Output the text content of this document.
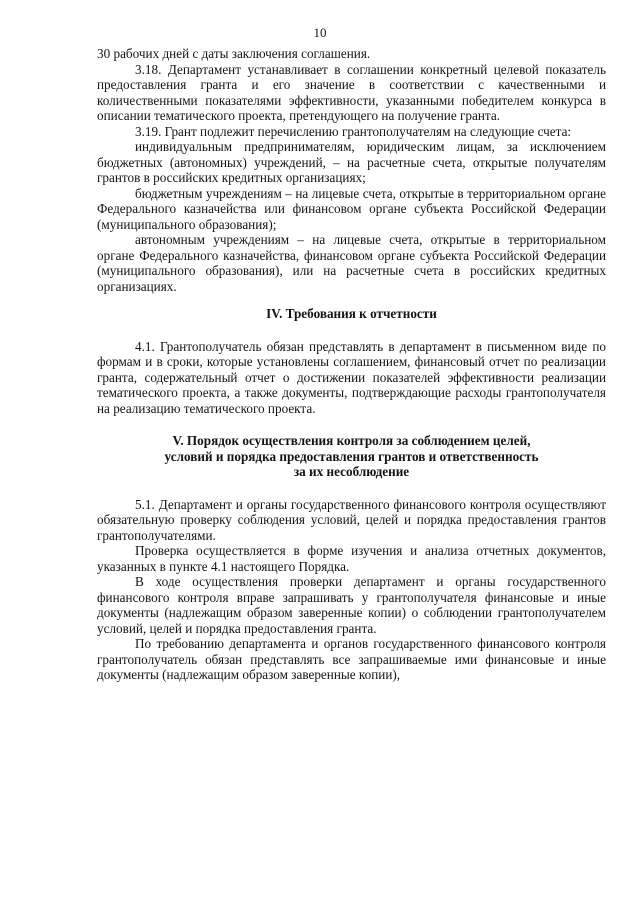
10

30 рабочих дней с даты заключения соглашения.

3.18. Департамент устанавливает в соглашении конкретный целевой показатель предоставления гранта и его значение в соответствии с качественными и количественными показателями эффективности, указанными победителем конкурса в описании тематического проекта, претендующего на получение гранта.

3.19. Грант подлежит перечислению грантополучателям на следующие счета:

индивидуальным предпринимателям, юридическим лицам, за исключением бюджетных (автономных) учреждений, – на расчетные счета, открытые получателям грантов в российских кредитных организациях;

бюджетным учреждениям – на лицевые счета, открытые в территориальном органе Федерального казначейства или финансовом органе субъекта Российской Федерации (муниципального образования);

автономным учреждениям – на лицевые счета, открытые в территориальном органе Федерального казначейства, финансовом органе субъекта Российской Федерации (муниципального образования), или на расчетные счета в российских кредитных организациях.

IV. Требования к отчетности

4.1. Грантополучатель обязан представлять в департамент в письменном виде по формам и в сроки, которые установлены соглашением, финансовый отчет по реализации гранта, содержательный отчет о достижении показателей эффективности реализации тематического проекта, а также документы, подтверждающие расходы грантополучателя на реализацию тематического проекта.

V. Порядок осуществления контроля за соблюдением целей,
условий и порядка предоставления грантов и ответственность
за их несоблюдение

5.1. Департамент и органы государственного финансового контроля осуществляют обязательную проверку соблюдения условий, целей и порядка предоставления грантов грантополучателями.

Проверка осуществляется в форме изучения и анализа отчетных документов, указанных в пункте 4.1 настоящего Порядка.

В ходе осуществления проверки департамент и органы государственного финансового контроля вправе запрашивать у грантополучателя финансовые и иные документы (надлежащим образом заверенные копии) о соблюдении грантополучателем условий, целей и порядка предоставления гранта.

По требованию департамента и органов государственного финансового контроля грантополучатель обязан представлять все запрашиваемые ими финансовые и иные документы (надлежащим образом заверенные копии),
